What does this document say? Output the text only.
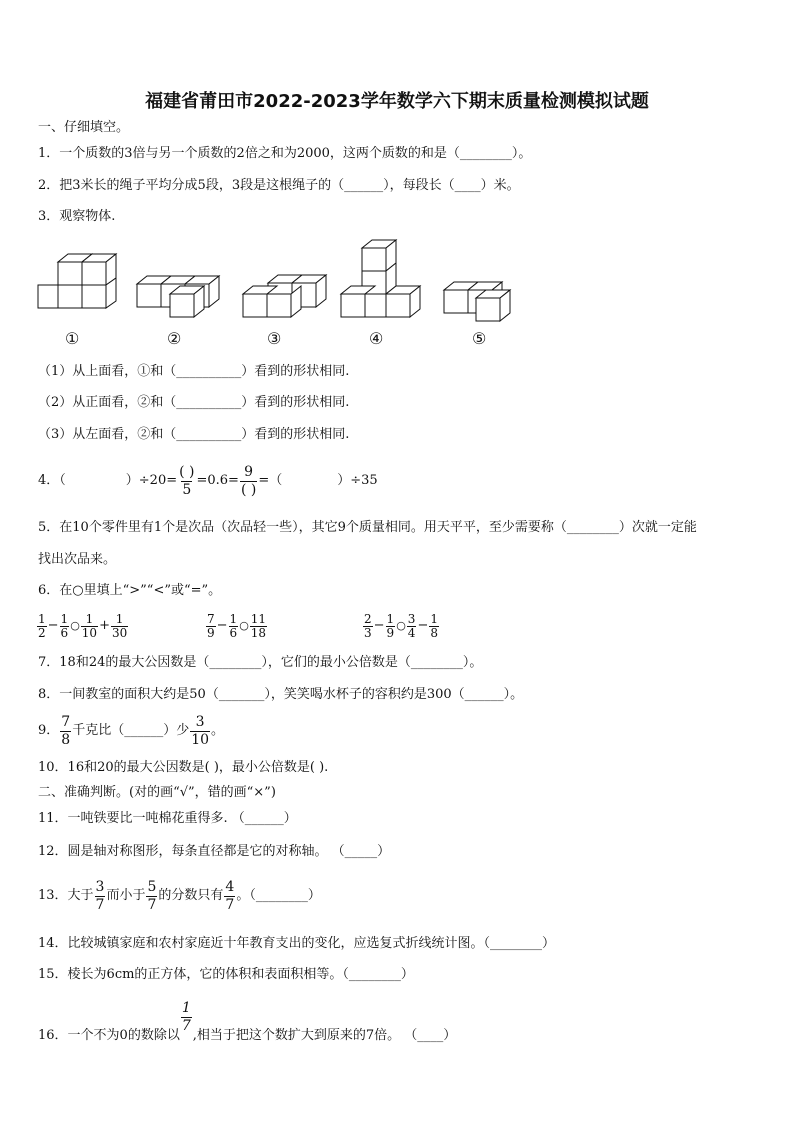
福建省莆田市2022-2023学年数学六下期末质量检测模拟试题
一、仔细填空。
1．一个质数的3倍与另一个质数的2倍之和为2000，这两个质数的和是（________）。
2．把3米长的绳子平均分成5段，3段是这根绳子的（______），每段长（____）米。
3．观察物体.
①	②	③	④	⑤
（1）从上面看，①和（__________）看到的形状相同.
（2）从正面看，②和（__________）看到的形状相同.
（3）从左面看，②和（__________）看到的形状相同.
4．（	）$\div 20= \frac{( )}{5} =0.6= \frac{9}{( )}$ =（	）÷35
5．在10个零件里有1个是次品（次品轻一些），其它9个质量相同。用天平平，至少需要称（________）次就一定能
找出次品来。
6．在○里填上“>”“<”或“=”。
$\frac{1}{2} - \frac{1}{6}$ ○ $\frac{1}{10} + \frac{1}{30}$	$\frac{7}{9} - \frac{1}{6}$ ○ $\frac{11}{18}$	$\frac{2}{3} - \frac{1}{9}$ ○ $\frac{3}{4} - \frac{1}{8}$
7．18和24的最大公因数是（________），它们的最小公倍数是（________）。
8．一间教室的面积大约是50（_______），笑笑喝水杯子的容积约是300（______）。
9． $\frac{7}{8}$ 千克比（______）少 $\frac{3}{10}$ 。
10．16和20的最大公因数是( )，最小公倍数是( ).
二、准确判断。(对的画“√”，错的画“×”)
11．一吨铁要比一吨棉花重得多. （______）
12．圆是轴对称图形，每条直径都是它的对称轴。 （_____）
13．大于 $\frac{3}{7}$ 而小于 $\frac{5}{7}$ 的分数只有 $\frac{4}{7}$ 。（________）
14．比较城镇家庭和农村家庭近十年教育支出的变化，应选复式折线统计图。（________）
15．棱长为6cm的正方体，它的体积和表面积相等。（________）
16．一个不为0的数除以
$\frac{1}{7}$
,相当于把这个数扩大到原来的7倍。 （____）
